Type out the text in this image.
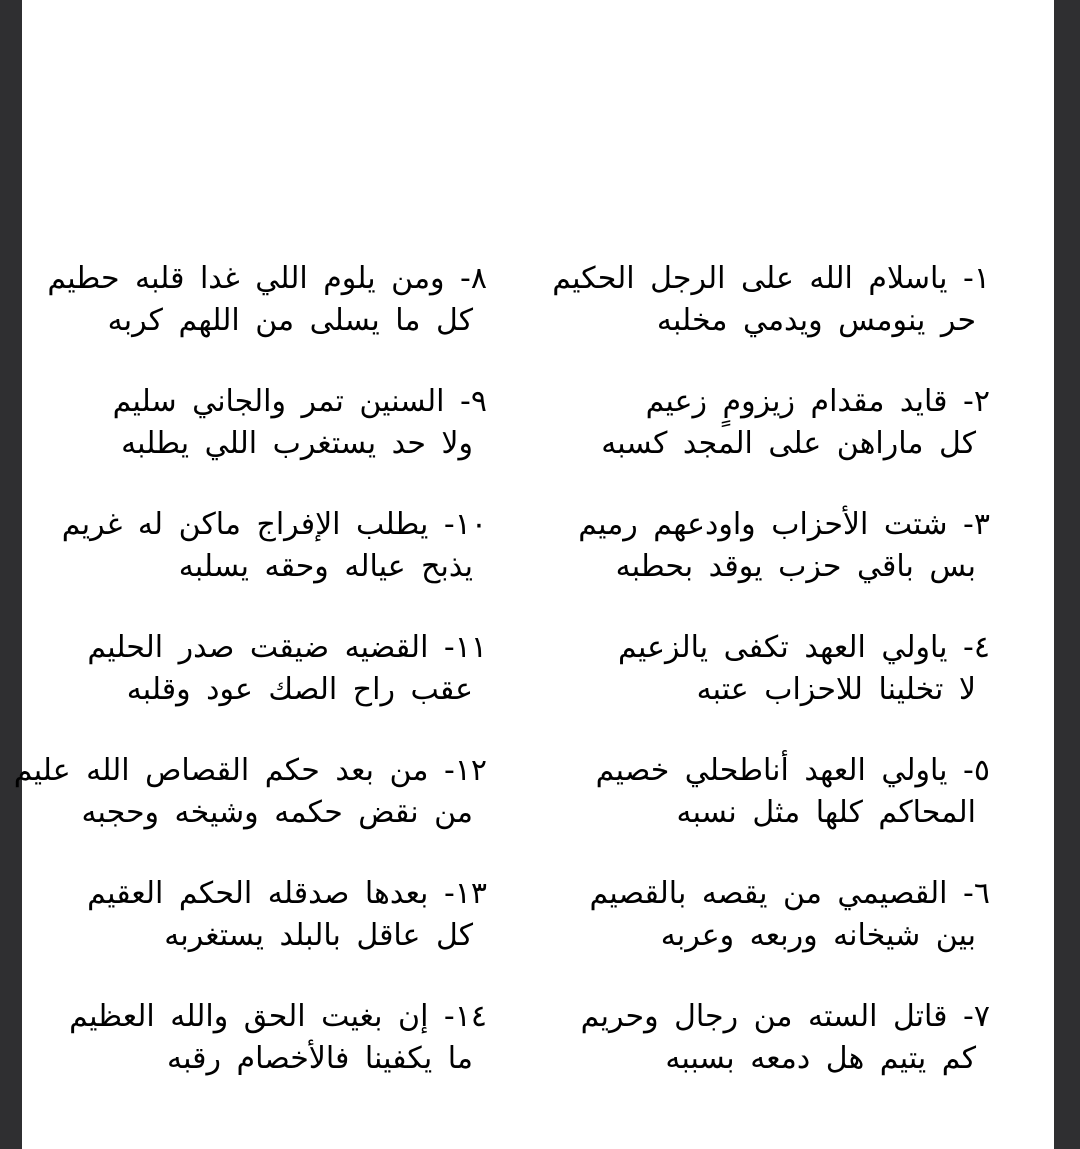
١- ياسلام الله على الرجل الحكيم
حر ينومس ويدمي مخلبه
٢- قايد مقدام زيزومٍ زعيم
كل ماراهن على المجد كسبه
٣- شتت الأحزاب واودعهم رميم
بس باقي حزب يوقد بحطبه
٤- ياولي العهد تكفى يالزعيم
لا تخلينا للاحزاب عتبه
٥- ياولي العهد أناطحلي خصيم
المحاكم كلها مثل نسبه
٦- القصيمي من يقصه بالقصيم
بين شيخانه وربعه وعربه
٧- قاتل السته من رجال وحريم
كم يتيم هل دمعه بسببه
٨- ومن يلوم اللي غدا قلبه حطيم
كل ما يسلى من اللهم كربه
٩- السنين تمر والجاني سليم
ولا حد يستغرب اللي يطلبه
١٠- يطلب الإفراج ماكن له غريم
يذبح عياله وحقه يسلبه
١١- القضيه ضيقت صدر الحليم
عقب راح الصك عود وقلبه
١٢- من بعد حكم القصاص الله عليم
من نقض حكمه وشيخه وحجبه
١٣- بعدها صدقله الحكم العقيم
كل عاقل بالبلد يستغربه
١٤- إن بغيت الحق والله العظيم
ما يكفينا فالأخصام رقبه
